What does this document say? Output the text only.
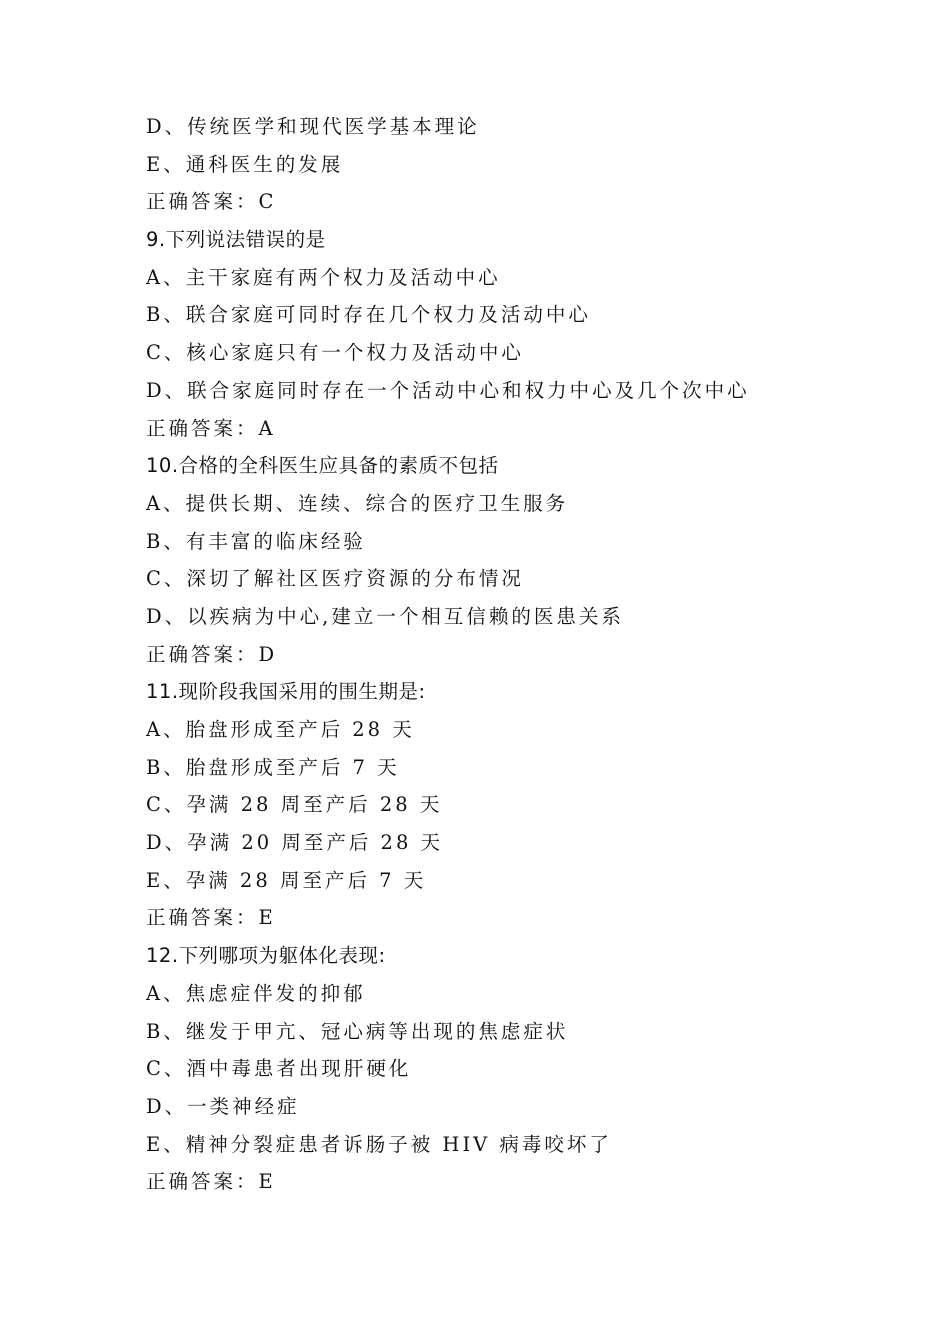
D、传统医学和现代医学基本理论
E、通科医生的发展
正确答案：C
9.下列说法错误的是
A、主干家庭有两个权力及活动中心
B、联合家庭可同时存在几个权力及活动中心
C、核心家庭只有一个权力及活动中心
D、联合家庭同时存在一个活动中心和权力中心及几个次中心
正确答案：A
10.合格的全科医生应具备的素质不包括
A、提供长期、连续、综合的医疗卫生服务
B、有丰富的临床经验
C、深切了解社区医疗资源的分布情况
D、以疾病为中心,建立一个相互信赖的医患关系
正确答案：D
11.现阶段我国采用的围生期是:
A、胎盘形成至产后 28 天
B、胎盘形成至产后 7 天
C、孕满 28 周至产后 28 天
D、孕满 20 周至产后 28 天
E、孕满 28 周至产后 7 天
正确答案：E
12.下列哪项为躯体化表现:
A、焦虑症伴发的抑郁
B、继发于甲亢、冠心病等出现的焦虑症状
C、酒中毒患者出现肝硬化
D、一类神经症
E、精神分裂症患者诉肠子被 HIV 病毒咬坏了
正确答案：E
